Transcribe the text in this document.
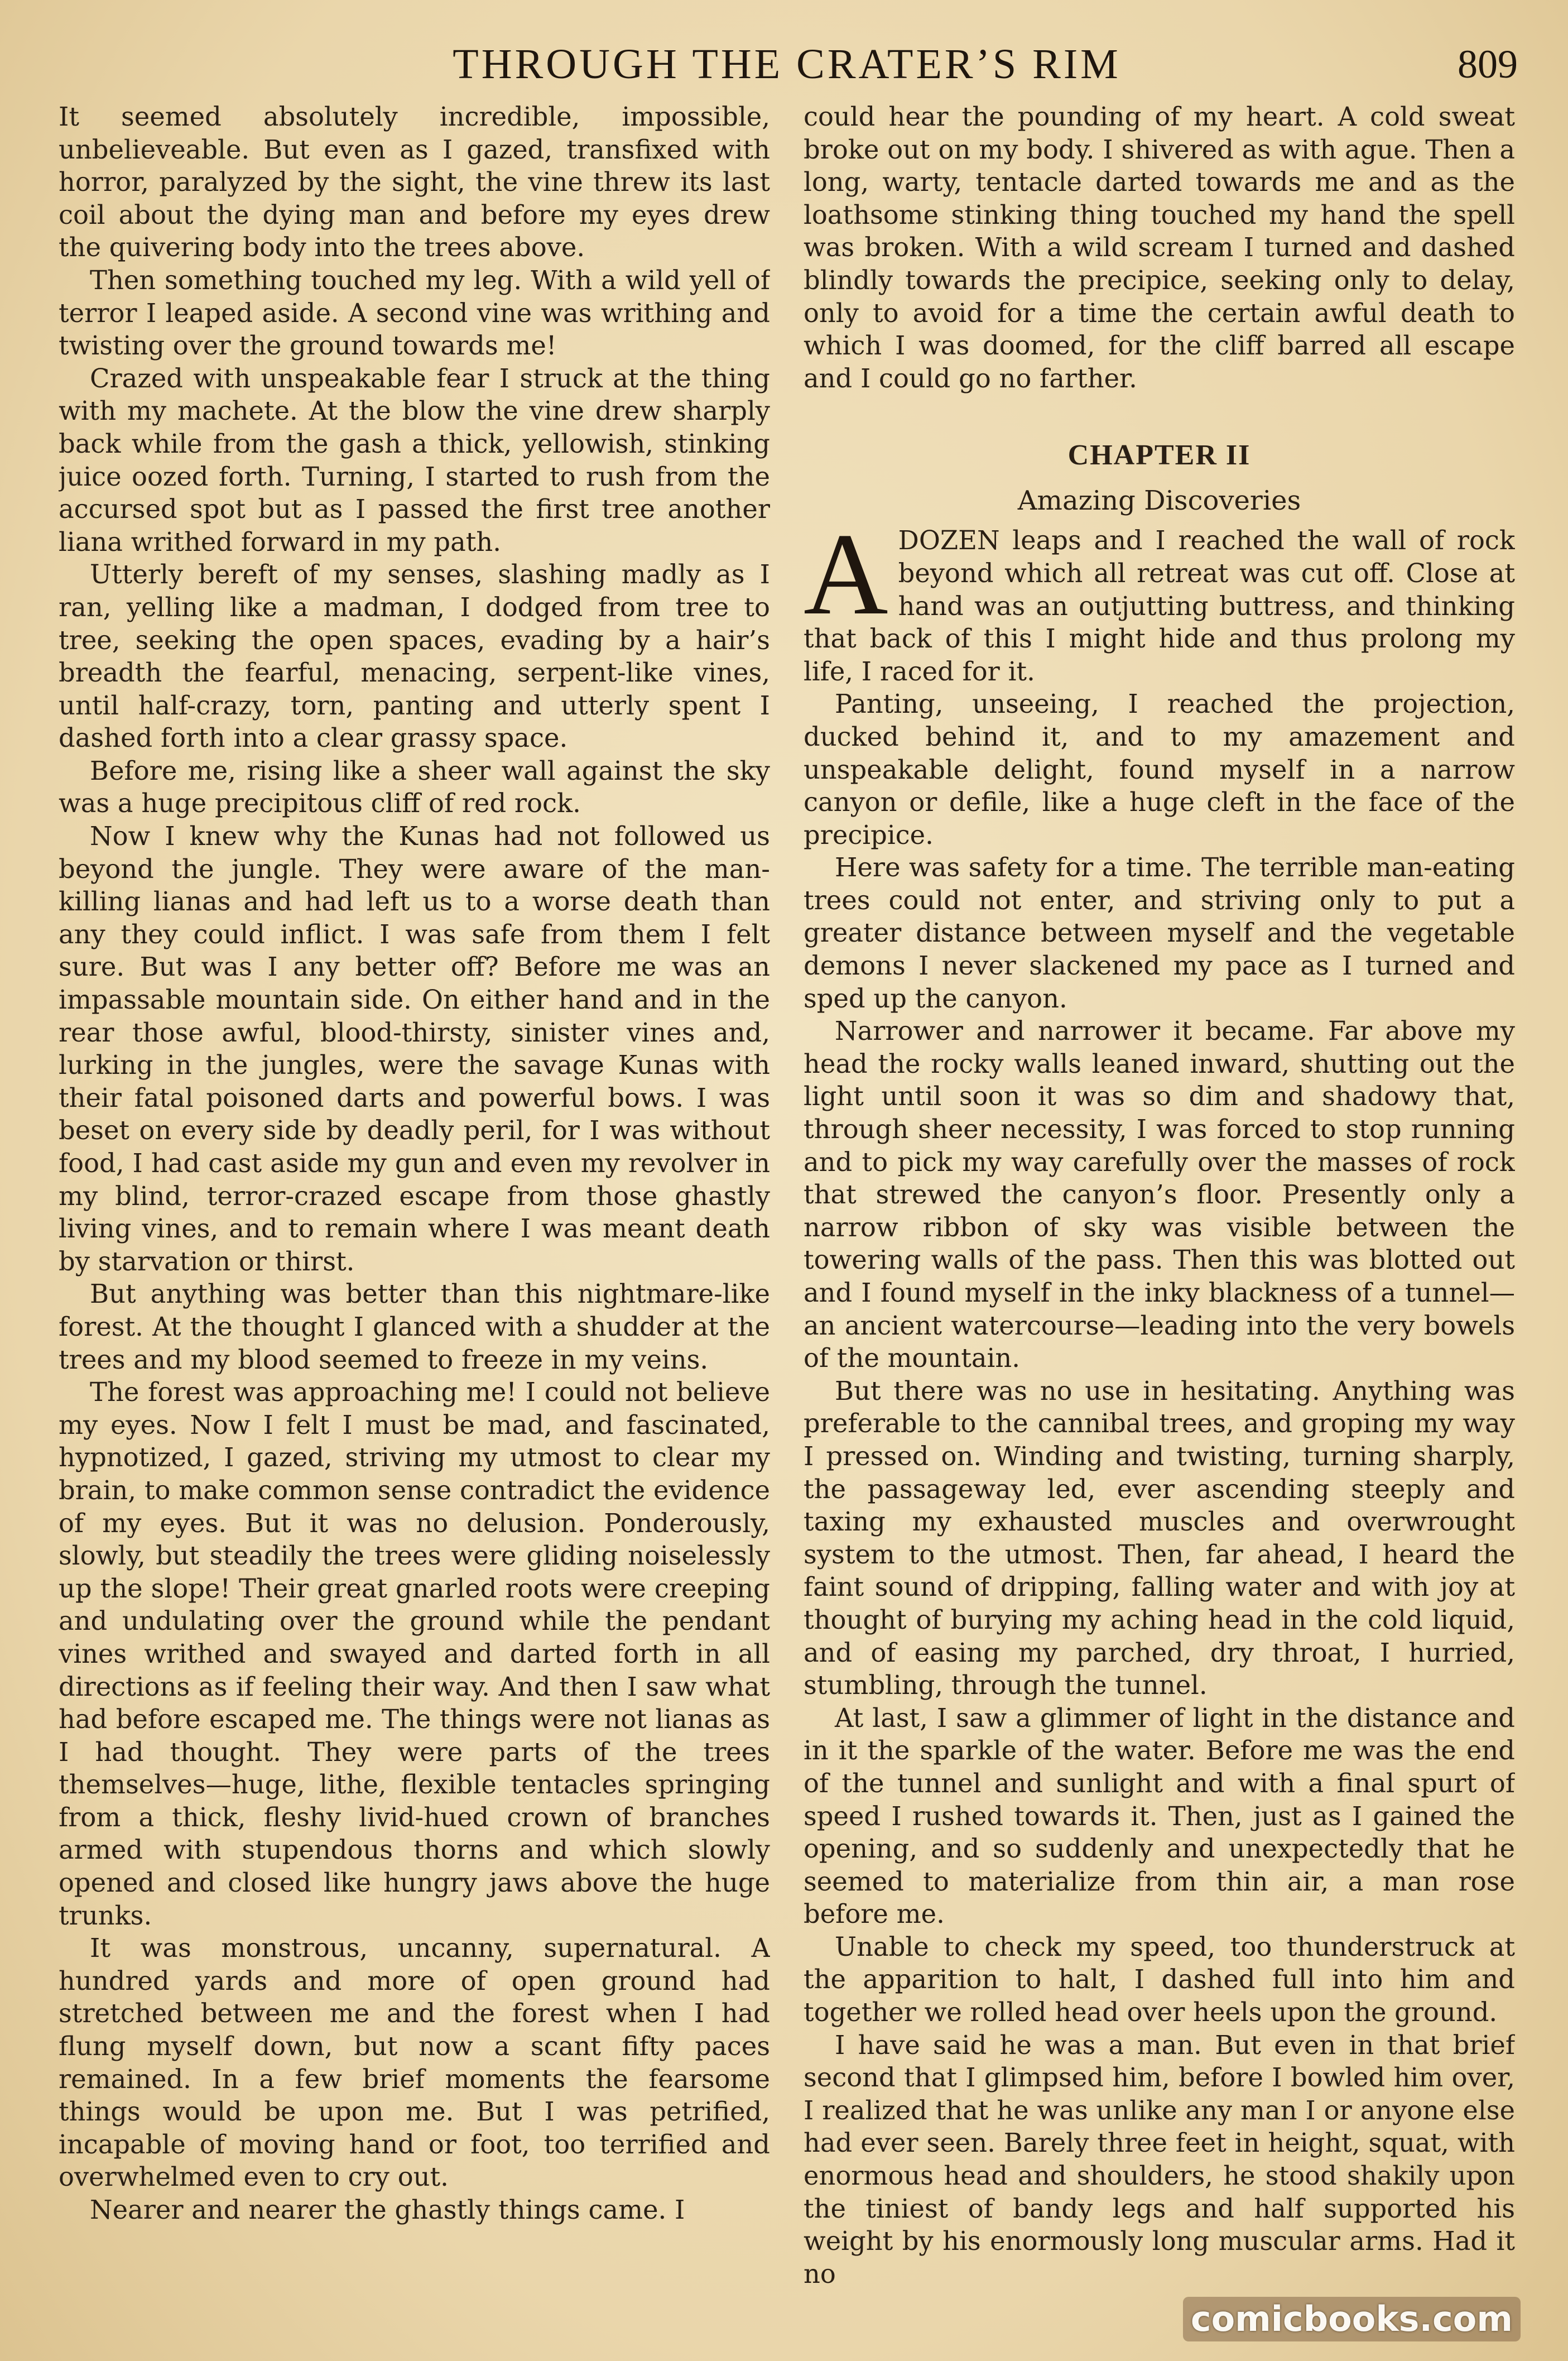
THROUGH THE CRATER’S RIM	809

It seemed absolutely incredible, impossible, unbelieveable. But even as I gazed, transfixed with horror, paralyzed by the sight, the vine threw its last coil about the dying man and before my eyes drew the quivering body into the trees above.

Then something touched my leg. With a wild yell of terror I leaped aside. A second vine was writhing and twisting over the ground towards me!

Crazed with unspeakable fear I struck at the thing with my machete. At the blow the vine drew sharply back while from the gash a thick, yellowish, stinking juice oozed forth. Turning, I started to rush from the accursed spot but as I passed the first tree another liana writhed forward in my path.

Utterly bereft of my senses, slashing madly as I ran, yelling like a madman, I dodged from tree to tree, seeking the open spaces, evading by a hair’s breadth the fearful, menacing, serpent-like vines, until half-crazy, torn, panting and utterly spent I dashed forth into a clear grassy space.

Before me, rising like a sheer wall against the sky was a huge precipitous cliff of red rock.

Now I knew why the Kunas had not followed us beyond the jungle. They were aware of the man-killing lianas and had left us to a worse death than any they could inflict. I was safe from them I felt sure. But was I any better off? Before me was an impassable mountain side. On either hand and in the rear those awful, blood-thirsty, sinister vines and, lurking in the jungles, were the savage Kunas with their fatal poisoned darts and powerful bows. I was beset on every side by deadly peril, for I was without food, I had cast aside my gun and even my revolver in my blind, terror-crazed escape from those ghastly living vines, and to remain where I was meant death by starvation or thirst.

But anything was better than this nightmare-like forest. At the thought I glanced with a shudder at the trees and my blood seemed to freeze in my veins.

The forest was approaching me! I could not believe my eyes. Now I felt I must be mad, and fascinated, hypnotized, I gazed, striving my utmost to clear my brain, to make common sense contradict the evidence of my eyes. But it was no delusion. Ponderously, slowly, but steadily the trees were gliding noiselessly up the slope! Their great gnarled roots were creeping and undulating over the ground while the pendant vines writhed and swayed and darted forth in all directions as if feeling their way. And then I saw what had before escaped me. The things were not lianas as I had thought. They were parts of the trees themselves—huge, lithe, flexible tentacles springing from a thick, fleshy livid-hued crown of branches armed with stupendous thorns and which slowly opened and closed like hungry jaws above the huge trunks.

It was monstrous, uncanny, supernatural. A hundred yards and more of open ground had stretched between me and the forest when I had flung myself down, but now a scant fifty paces remained. In a few brief moments the fearsome things would be upon me. But I was petrified, incapable of moving hand or foot, too terrified and overwhelmed even to cry out.

Nearer and nearer the ghastly things came. I

could hear the pounding of my heart. A cold sweat broke out on my body. I shivered as with ague. Then a long, warty, tentacle darted towards me and as the loathsome stinking thing touched my hand the spell was broken. With a wild scream I turned and dashed blindly towards the precipice, seeking only to delay, only to avoid for a time the certain awful death to which I was doomed, for the cliff barred all escape and I could go no farther.

CHAPTER II
Amazing Discoveries

ADOZEN leaps and I reached the wall of rock beyond which all retreat was cut off. Close at hand was an outjutting buttress, and thinking that back of this I might hide and thus prolong my life, I raced for it.

Panting, unseeing, I reached the projection, ducked behind it, and to my amazement and unspeakable delight, found myself in a narrow canyon or defile, like a huge cleft in the face of the precipice.

Here was safety for a time. The terrible man-eating trees could not enter, and striving only to put a greater distance between myself and the vegetable demons I never slackened my pace as I turned and sped up the canyon.

Narrower and narrower it became. Far above my head the rocky walls leaned inward, shutting out the light until soon it was so dim and shadowy that, through sheer necessity, I was forced to stop running and to pick my way carefully over the masses of rock that strewed the canyon’s floor. Presently only a narrow ribbon of sky was visible between the towering walls of the pass. Then this was blotted out and I found myself in the inky blackness of a tunnel—an ancient watercourse—leading into the very bowels of the mountain.

But there was no use in hesitating. Anything was preferable to the cannibal trees, and groping my way I pressed on. Winding and twisting, turning sharply, the passageway led, ever ascending steeply and taxing my exhausted muscles and overwrought system to the utmost. Then, far ahead, I heard the faint sound of dripping, falling water and with joy at thought of burying my aching head in the cold liquid, and of easing my parched, dry throat, I hurried, stumbling, through the tunnel.

At last, I saw a glimmer of light in the distance and in it the sparkle of the water. Before me was the end of the tunnel and sunlight and with a final spurt of speed I rushed towards it. Then, just as I gained the opening, and so suddenly and unexpectedly that he seemed to materialize from thin air, a man rose before me.

Unable to check my speed, too thunderstruck at the apparition to halt, I dashed full into him and together we rolled head over heels upon the ground.

I have said he was a man. But even in that brief second that I glimpsed him, before I bowled him over, I realized that he was unlike any man I or anyone else had ever seen. Barely three feet in height, squat, with enormous head and shoulders, he stood shakily upon the tiniest of bandy legs and half supported his weight by his enormously long muscular arms. Had it no

comicbooks.com
